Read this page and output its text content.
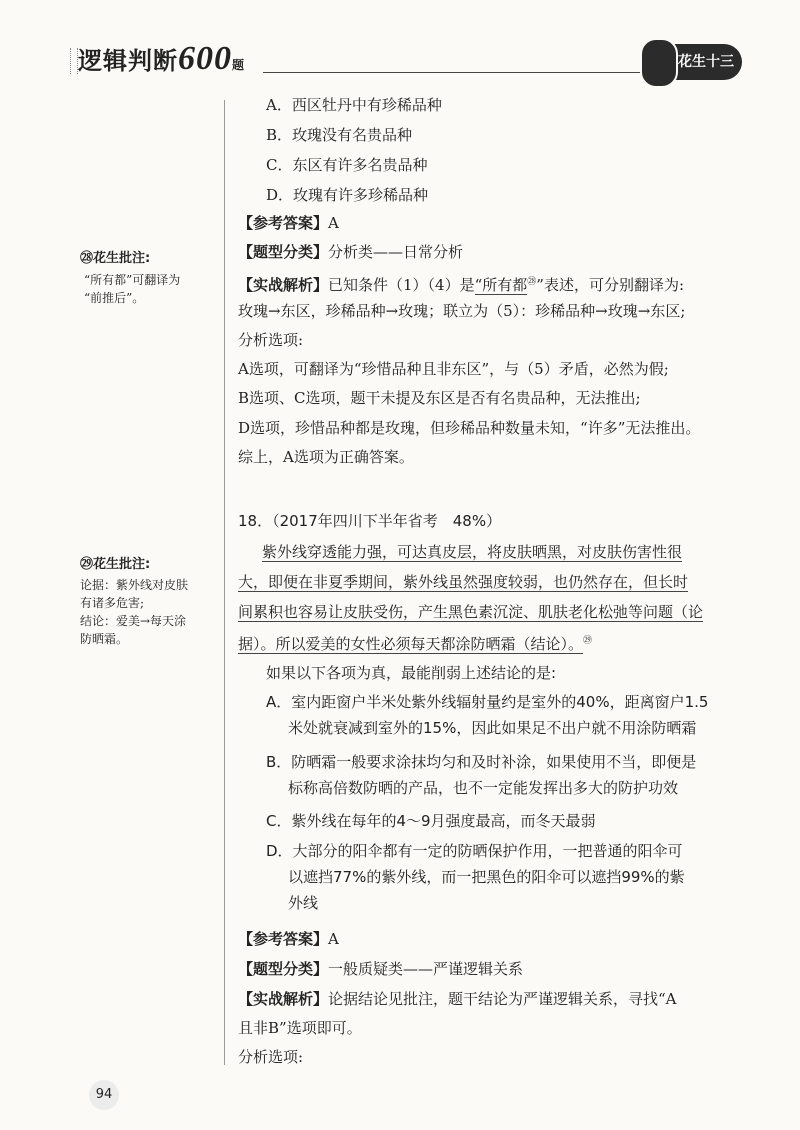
逻辑判断600题	花生十三
㉘花生批注:
“所有都”可翻译为
“前推后”。
㉙花生批注:
论据：紫外线对皮肤
有诸多危害;
结论：爱美→每天涂
防晒霜。
A．西区牡丹中有珍稀品种
B．玫瑰没有名贵品种
C．东区有许多名贵品种
D．玫瑰有许多珍稀品种
【参考答案】A
【题型分类】分析类——日常分析
【实战解析】已知条件（1）（4）是“所有都$^㉘$”表述，可分别翻译为:
玫瑰→东区，珍稀品种→玫瑰；联立为（5）：珍稀品种→玫瑰→东区;
分析选项:
A选项，可翻译为“珍惜品种且非东区”，与（5）矛盾，必然为假;
B选项、C选项，题干未提及东区是否有名贵品种，无法推出;
D选项，珍惜品种都是玫瑰，但珍稀品种数量未知，“许多”无法推出。
综上，A选项为正确答案。
18．（2017年四川下半年省考　48%）
紫外线穿透能力强，可达真皮层，将皮肤晒黑，对皮肤伤害性很
大，即便在非夏季期间，紫外线虽然强度较弱，也仍然存在，但长时
间累积也容易让皮肤受伤，产生黑色素沉淀、肌肤老化松弛等问题（论
据）。所以爱美的女性必须每天都涂防晒霜（结论）。$^㉙$
如果以下各项为真，最能削弱上述结论的是:
A．室内距窗户半米处紫外线辐射量约是室外的40%，距离窗户1.5
米处就衰减到室外的15%，因此如果足不出户就不用涂防晒霜
B．防晒霜一般要求涂抹均匀和及时补涂，如果使用不当，即便是
标称高倍数防晒的产品，也不一定能发挥出多大的防护功效
C．紫外线在每年的4～9月强度最高，而冬天最弱
D．大部分的阳伞都有一定的防晒保护作用，一把普通的阳伞可
以遮挡77%的紫外线，而一把黑色的阳伞可以遮挡99%的紫
外线
【参考答案】A
【题型分类】一般质疑类——严谨逻辑关系
【实战解析】论据结论见批注，题干结论为严谨逻辑关系，寻找“A
且非B”选项即可。
分析选项:
94
